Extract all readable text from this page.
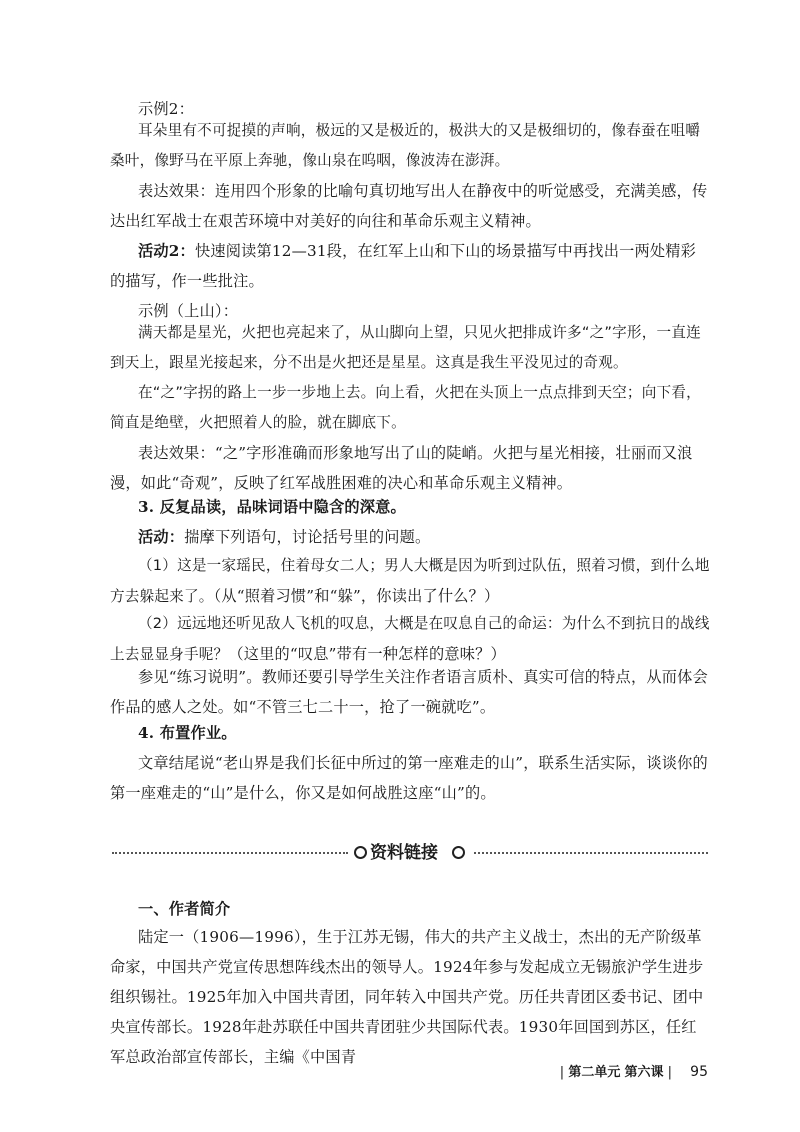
示例2：

耳朵里有不可捉摸的声响，极远的又是极近的，极洪大的又是极细切的，像春蚕在咀嚼桑叶，像野马在平原上奔驰，像山泉在呜咽，像波涛在澎湃。

表达效果：连用四个形象的比喻句真切地写出人在静夜中的听觉感受，充满美感，传达出红军战士在艰苦环境中对美好的向往和革命乐观主义精神。

活动2：快速阅读第12—31段，在红军上山和下山的场景描写中再找出一两处精彩的描写，作一些批注。

示例（上山）：

满天都是星光，火把也亮起来了，从山脚向上望，只见火把排成许多“之”字形，一直连到天上，跟星光接起来，分不出是火把还是星星。这真是我生平没见过的奇观。

在“之”字拐的路上一步一步地上去。向上看，火把在头顶上一点点排到天空；向下看，简直是绝壁，火把照着人的脸，就在脚底下。

表达效果：“之”字形准确而形象地写出了山的陡峭。火把与星光相接，壮丽而又浪漫，如此“奇观”，反映了红军战胜困难的决心和革命乐观主义精神。

3. 反复品读，品味词语中隐含的深意。

活动：揣摩下列语句，讨论括号里的问题。

（1）这是一家瑶民，住着母女二人；男人大概是因为听到过队伍，照着习惯，到什么地方去躲起来了。（从“照着习惯”和“躲”，你读出了什么？）

（2）远远地还听见敌人飞机的叹息，大概是在叹息自己的命运：为什么不到抗日的战线上去显显身手呢？（这里的“叹息”带有一种怎样的意味？）

参见“练习说明”。教师还要引导学生关注作者语言质朴、真实可信的特点，从而体会作品的感人之处。如“不管三七二十一，抢了一碗就吃”。

4. 布置作业。

文章结尾说“老山界是我们长征中所过的第一座难走的山”，联系生活实际，谈谈你的第一座难走的“山”是什么，你又是如何战胜这座“山”的。

资料链接

一、作者简介

陆定一（1906—1996），生于江苏无锡，伟大的共产主义战士，杰出的无产阶级革命家，中国共产党宣传思想阵线杰出的领导人。1924年参与发起成立无锡旅沪学生进步组织锡社。1925年加入中国共青团，同年转入中国共产党。历任共青团区委书记、团中央宣传部长。1928年赴苏联任中国共青团驻少共国际代表。1930年回国到苏区，任红军总政治部宣传部长，主编《中国青

| 第二单元 第六课 | 95
